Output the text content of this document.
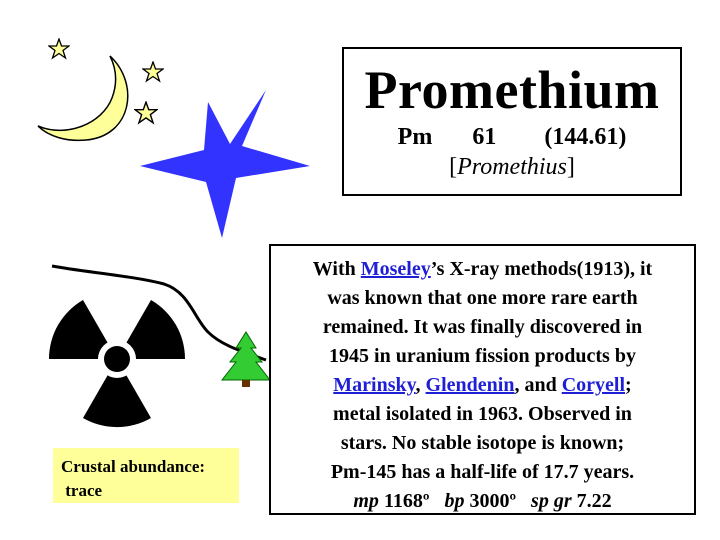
Promethium
Pm 61 (144.61)
[Promethius]

With Moseley’s X-ray methods(1913), it

was known that one more rare earth

remained. It was finally discovered in

1945 in uranium fission products by

Marinsky, Glendenin, and Coryell;

metal isolated in 1963. Observed in

stars. No stable isotope is known;

Pm-145 has a half-life of 17.7 years.

mp 1168º bp 3000º sp gr 7.22

Crustal abundance:
trace
